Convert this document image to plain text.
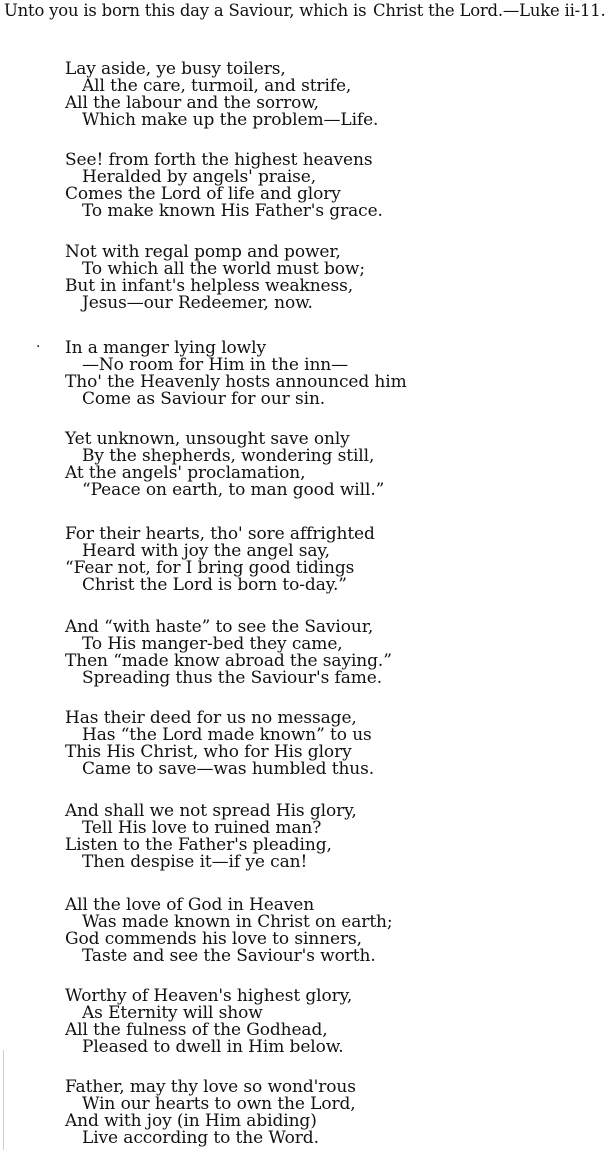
Unto you is born this day a Saviour, which is Christ the Lord.—Luke ii-11.
Lay aside, ye busy toilers,
All the care, turmoil, and strife,
All the labour and the sorrow,
Which make up the problem—Life.
See! from forth the highest heavens
Heralded by angels' praise,
Comes the Lord of life and glory
To make known His Father's grace.
Not with regal pomp and power,
To which all the world must bow;
But in infant's helpless weakness,
Jesus—our Redeemer, now.
In a manger lying lowly
—No room for Him in the inn—
Tho' the Heavenly hosts announced him
Come as Saviour for our sin.
Yet unknown, unsought save only
By the shepherds, wondering still,
At the angels' proclamation,
“Peace on earth, to man good will.”
For their hearts, tho' sore affrighted
Heard with joy the angel say,
“Fear not, for I bring good tidings
Christ the Lord is born to-day.”
And “with haste” to see the Saviour,
To His manger-bed they came,
Then “made know abroad the saying.”
Spreading thus the Saviour's fame.
Has their deed for us no message,
Has “the Lord made known” to us
This His Christ, who for His glory
Came to save—was humbled thus.
And shall we not spread His glory,
Tell His love to ruined man?
Listen to the Father's pleading,
Then despise it—if ye can!
All the love of God in Heaven
Was made known in Christ on earth;
God commends his love to sinners,
Taste and see the Saviour's worth.
Worthy of Heaven's highest glory,
As Eternity will show
All the fulness of the Godhead,
Pleased to dwell in Him below.
Father, may thy love so wond'rous
Win our hearts to own the Lord,
And with joy (in Him abiding)
Live according to the Word.
·
